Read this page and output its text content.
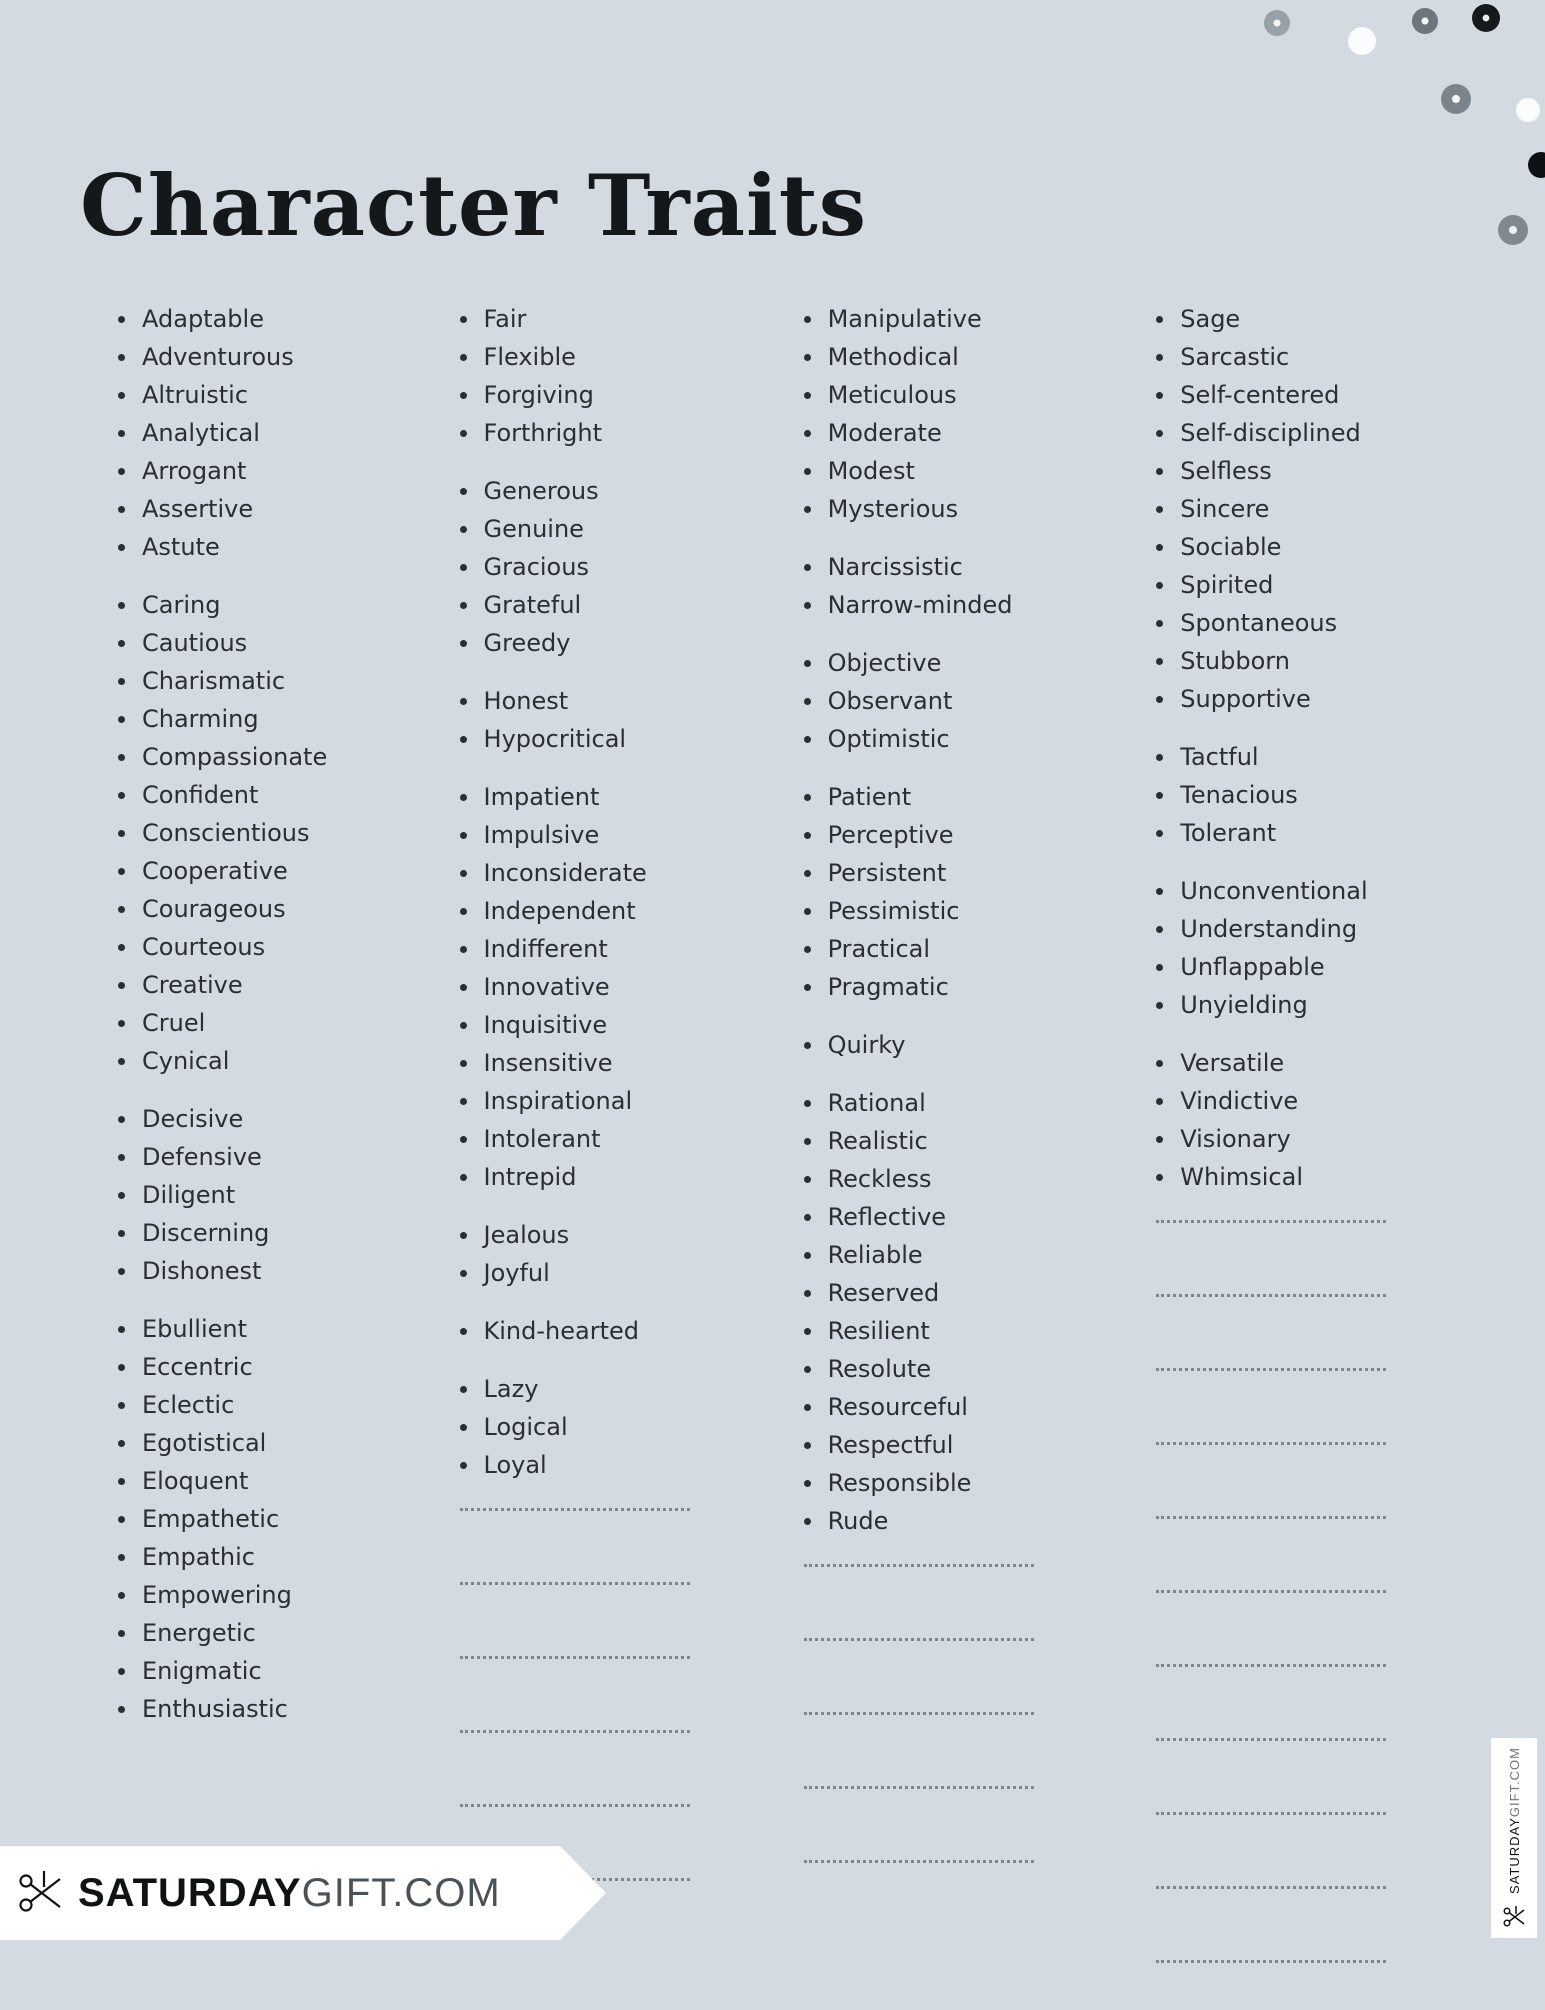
Character Traits
Adaptable
Adventurous
Altruistic
Analytical
Arrogant
Assertive
Astute
Caring
Cautious
Charismatic
Charming
Compassionate
Confident
Conscientious
Cooperative
Courageous
Courteous
Creative
Cruel
Cynical
Decisive
Defensive
Diligent
Discerning
Dishonest
Ebullient
Eccentric
Eclectic
Egotistical
Eloquent
Empathetic
Empathic
Empowering
Energetic
Enigmatic
Enthusiastic
Fair
Flexible
Forgiving
Forthright
Generous
Genuine
Gracious
Grateful
Greedy
Honest
Hypocritical
Impatient
Impulsive
Inconsiderate
Independent
Indifferent
Innovative
Inquisitive
Insensitive
Inspirational
Intolerant
Intrepid
Jealous
Joyful
Kind-hearted
Lazy
Logical
Loyal
Manipulative
Methodical
Meticulous
Moderate
Modest
Mysterious
Narcissistic
Narrow-minded
Objective
Observant
Optimistic
Patient
Perceptive
Persistent
Pessimistic
Practical
Pragmatic
Quirky
Rational
Realistic
Reckless
Reflective
Reliable
Reserved
Resilient
Resolute
Resourceful
Respectful
Responsible
Rude
Sage
Sarcastic
Self-centered
Self-disciplined
Selfless
Sincere
Sociable
Spirited
Spontaneous
Stubborn
Supportive
Tactful
Tenacious
Tolerant
Unconventional
Understanding
Unflappable
Unyielding
Versatile
Vindictive
Visionary
Whimsical
SATURDAYGIFT.COM	SATURDAYGIFT.COM
